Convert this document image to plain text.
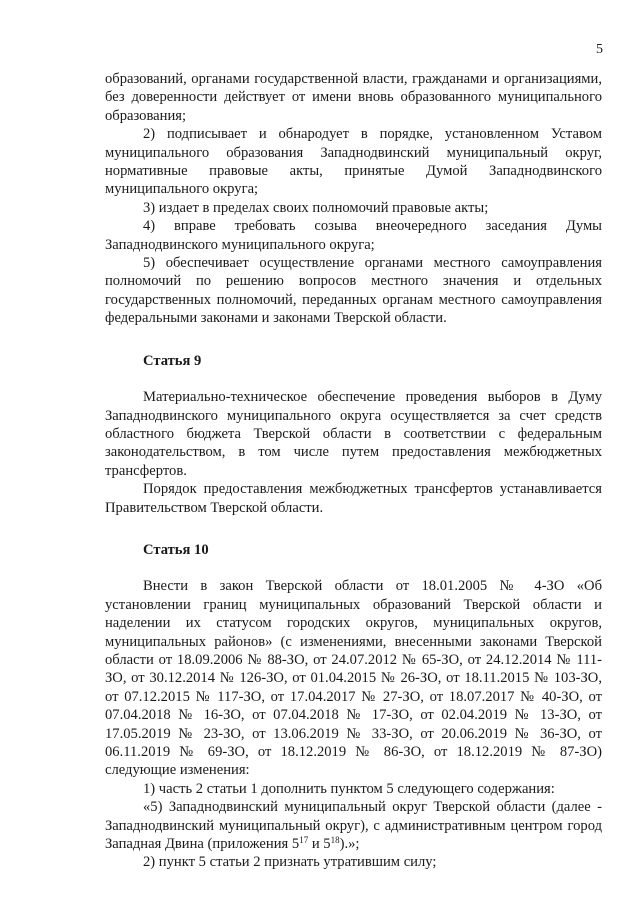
5

образований, органами государственной власти, гражданами и организациями, без доверенности действует от имени вновь образованного муниципального образования;

2) подписывает и обнародует в порядке, установленном Уставом муниципального образования Западнодвинский муниципальный округ, нормативные правовые акты, принятые Думой Западнодвинского муниципального округа;

3) издает в пределах своих полномочий правовые акты;

4) вправе требовать созыва внеочередного заседания Думы Западнодвинского муниципального округа;

5) обеспечивает осуществление органами местного самоуправления полномочий по решению вопросов местного значения и отдельных государственных полномочий, переданных органам местного самоуправления федеральными законами и законами Тверской области.

Статья 9

Материально-техническое обеспечение проведения выборов в Думу Западнодвинского муниципального округа осуществляется за счет средств областного бюджета Тверской области в соответствии с федеральным законодательством, в том числе путем предоставления межбюджетных трансфертов.

Порядок предоставления межбюджетных трансфертов устанавливается Правительством Тверской области.

Статья 10

Внести в закон Тверской области от 18.01.2005 № 4-ЗО «Об установлении границ муниципальных образований Тверской области и наделении их статусом городских округов, муниципальных округов, муниципальных районов» (с изменениями, внесенными законами Тверской области от 18.09.2006 № 88-ЗО, от 24.07.2012 № 65-ЗО, от 24.12.2014 № 111-ЗО, от 30.12.2014 № 126-ЗО, от 01.04.2015 № 26-ЗО, от 18.11.2015 № 103-ЗО, от 07.12.2015 № 117-ЗО, от 17.04.2017 № 27-ЗО, от 18.07.2017 № 40-ЗО, от 07.04.2018 № 16-ЗО, от 07.04.2018 № 17-ЗО, от 02.04.2019 № 13-ЗО, от 17.05.2019 № 23-ЗО, от 13.06.2019 № 33-ЗО, от 20.06.2019 № 36-ЗО, от 06.11.2019 № 69-ЗО, от 18.12.2019 № 86-ЗО, от 18.12.2019 № 87-ЗО) следующие изменения:

1) часть 2 статьи 1 дополнить пунктом 5 следующего содержания:

«5) Западнодвинский муниципальный округ Тверской области (далее - Западнодвинский муниципальный округ), с административным центром город Западная Двина (приложения $5^{17}$ и $5^{18}$).»;

2) пункт 5 статьи 2 признать утратившим силу;
